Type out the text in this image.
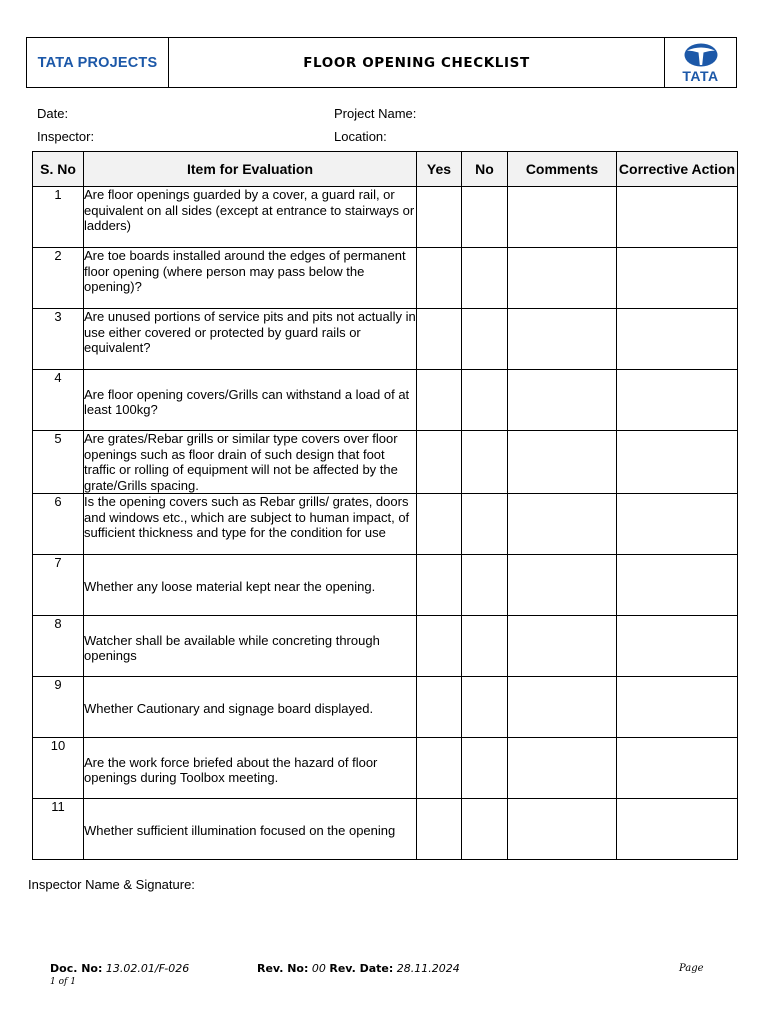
TATA PROJECTS	FLOOR OPENING CHECKLIST
TATA
Date:	Project Name:
Inspector:	Location:
S. No	Item for Evaluation	Yes	No	Comments	Corrective Action
1	Are floor openings guarded by a cover, a guard rail, or equivalent on all sides (except at entrance to stairways or ladders)				
2	Are toe boards installed around the edges of permanent floor opening (where person may pass below the opening)?				
3	Are unused portions of service pits and pits not actually in use either covered or protected by guard rails or equivalent?				
4	Are floor opening covers/Grills can withstand a load of at least 100kg?				
5	Are grates/Rebar grills or similar type covers over floor openings such as floor drain of such design that foot traffic or rolling of equipment will not be affected by the grate/Grills spacing.				
6	Is the opening covers such as Rebar grills/ grates, doors and windows etc., which are subject to human impact, of sufficient thickness and type for the condition for use				
7	Whether any loose material kept near the opening.				
8	Watcher shall be available while concreting through openings				
9	Whether Cautionary and signage board displayed.				
10	Are the work force briefed about the hazard of floor openings during Toolbox meeting.				
11	Whether sufficient illumination focused on the opening				
Inspector Name & Signature:
Doc. No: 13.02.01/F-026	Rev. No: 00 Rev. Date: 28.11.2024	Page
1 of 1
